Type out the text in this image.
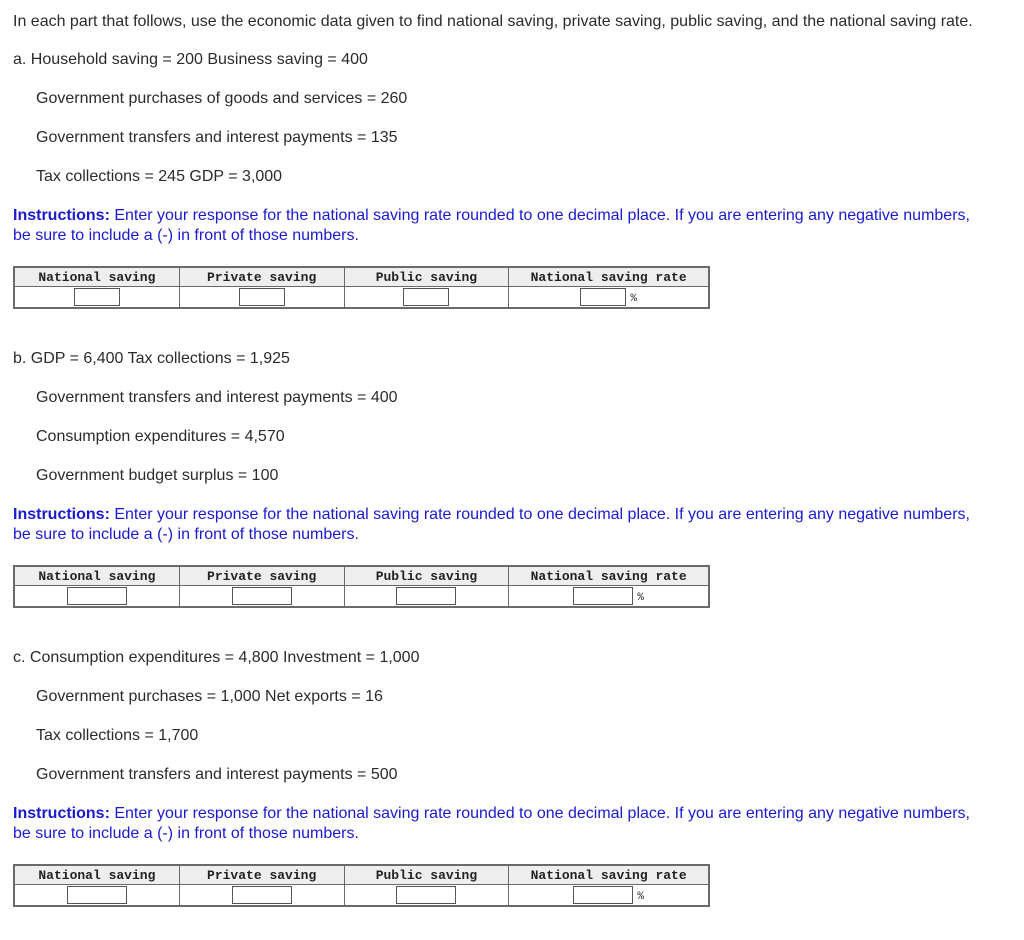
In each part that follows, use the economic data given to find national saving, private saving, public saving, and the national saving rate.
a. Household saving = 200 Business saving = 400
Government purchases of goods and services = 260
Government transfers and interest payments = 135
Tax collections = 245 GDP = 3,000
Instructions: Enter your response for the national saving rate rounded to one decimal place. If you are entering any negative numbers, be sure to include a (-) in front of those numbers.
National saving	Private saving	Public saving	National saving rate
			%
b. GDP = 6,400 Tax collections = 1,925
Government transfers and interest payments = 400
Consumption expenditures = 4,570
Government budget surplus = 100
Instructions: Enter your response for the national saving rate rounded to one decimal place. If you are entering any negative numbers, be sure to include a (-) in front of those numbers.
National saving	Private saving	Public saving	National saving rate
			%
c. Consumption expenditures = 4,800 Investment = 1,000
Government purchases = 1,000 Net exports = 16
Tax collections = 1,700
Government transfers and interest payments = 500
Instructions: Enter your response for the national saving rate rounded to one decimal place. If you are entering any negative numbers, be sure to include a (-) in front of those numbers.
National saving	Private saving	Public saving	National saving rate
			%
